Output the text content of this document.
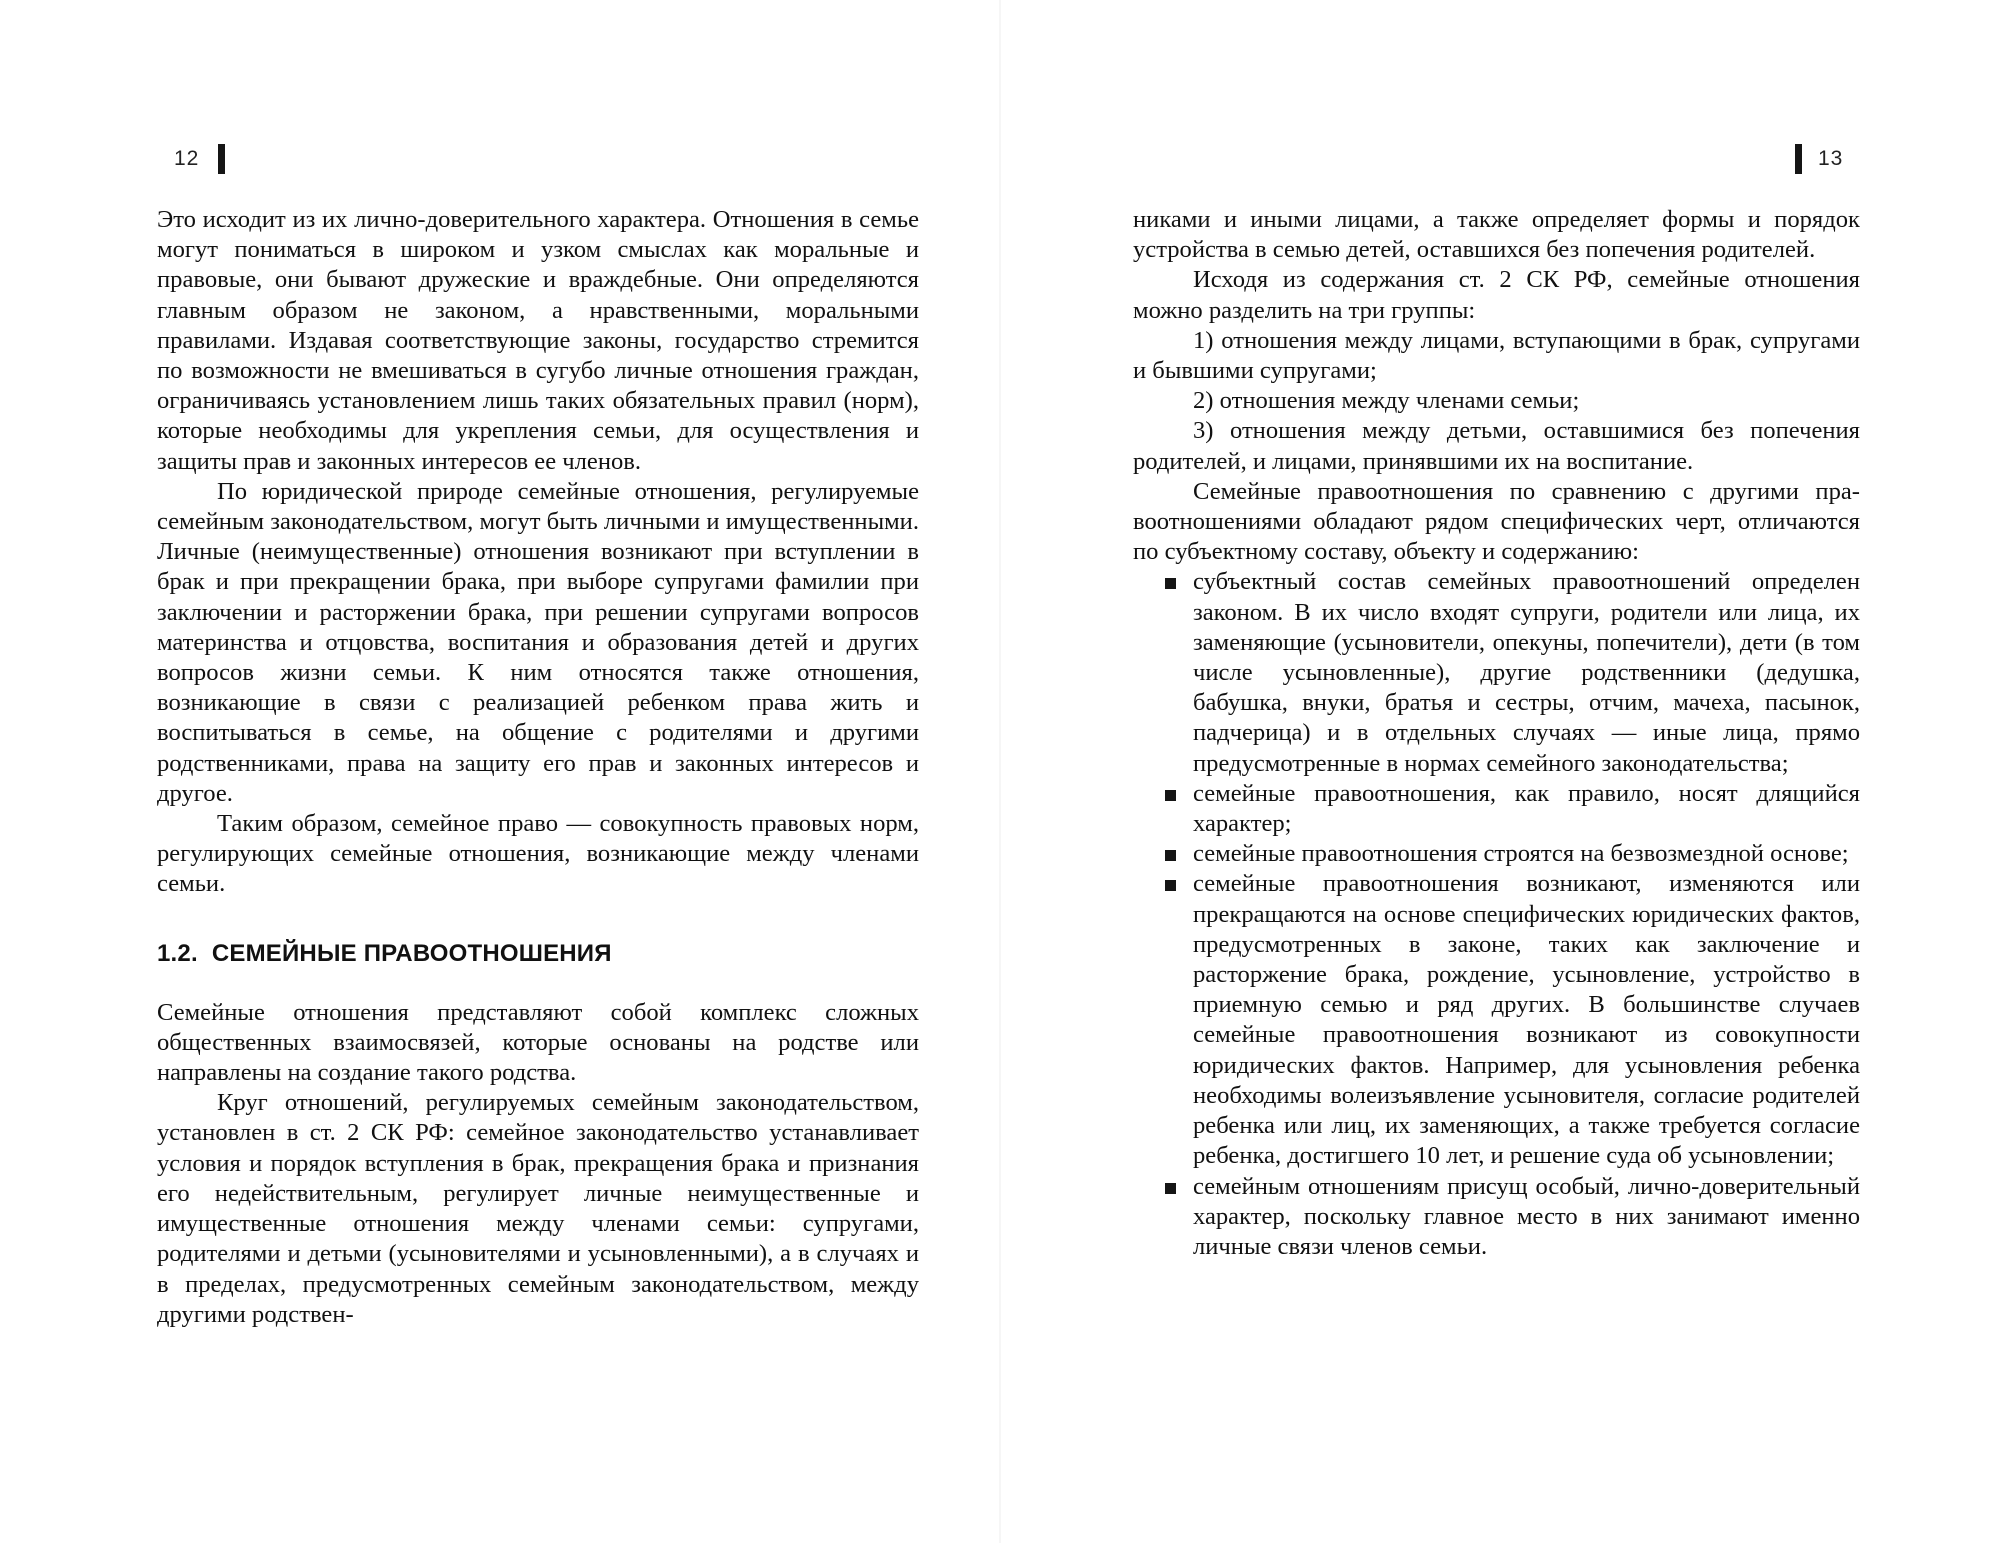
12

Это исходит из их лично-доверительного характера. Отношения в семье могут пониматься в широком и узком смыслах как моральные и правовые, они бывают дружеские и враждебные. Они определяются главным образом не законом, а нравственными, моральными правилами. Издавая соответствующие законы, государство стремится по возможности не вмешиваться в сугубо личные отношения граждан, ограничиваясь установлением лишь таких обязательных правил (норм), которые необходимы для укрепления семьи, для осуществления и защиты прав и законных интересов ее членов.

По юридической природе семейные отношения, регулируемые семейным законодательством, могут быть личными и имущественными. Личные (неимущественные) отношения возникают при вступлении в брак и при прекращении брака, при выборе супругами фамилии при заключении и расторжении брака, при решении супругами вопросов материнства и отцовства, воспитания и образования детей и других вопросов жизни семьи. К ним относятся также отношения, возникающие в связи с реализацией ребенком права жить и воспитываться в семье, на общение с родителями и другими родственниками, права на защиту его прав и законных интересов и другое.

Таким образом, семейное право — совокупность правовых норм, регулирующих семейные отношения, возникающие между членами семьи.

1.2. СЕМЕЙНЫЕ ПРАВООТНОШЕНИЯ

Семейные отношения представляют собой комплекс сложных общественных взаимосвязей, которые основаны на родстве или направлены на создание такого родства.

Круг отношений, регулируемых семейным законодательством, установлен в ст. 2 СК РФ: семейное законодательство устанавливает условия и порядок вступления в брак, прекращения брака и признания его недействительным, регулирует личные неимущественные и имущественные отношения между членами семьи: супругами, родителями и детьми (усыновителями и усыновленными), а в случаях и в пределах, предусмотренных семейным законодательством, между другими родствен-

13

никами и иными лицами, а также определяет формы и порядок устройства в семью детей, оставшихся без попечения родителей.

Исходя из содержания ст. 2 СК РФ, семейные отношения можно разделить на три группы:

1) отношения между лицами, вступающими в брак, супругами и бывшими супругами;

2) отношения между членами семьи;

3) отношения между детьми, оставшимися без попечения родителей, и лицами, принявшими их на воспитание.

Семейные правоотношения по сравнению с другими правоотношениями обладают рядом специфических черт, отличаются по субъектному составу, объекту и содержанию:

субъектный состав семейных правоотношений определен законом. В их число входят супруги, родители или лица, их заменяющие (усыновители, опекуны, попечители), дети (в том числе усыновленные), другие родственники (дедушка, бабушка, внуки, братья и сестры, отчим, мачеха, пасынок, падчерица) и в отдельных случаях — иные лица, прямо предусмотренные в нормах семейного законодательства;
семейные правоотношения, как правило, носят длящийся характер;
семейные правоотношения строятся на безвозмездной основе;
семейные правоотношения возникают, изменяются или прекращаются на основе специфических юридических фактов, предусмотренных в законе, таких как заключение и расторжение брака, рождение, усыновление, устройство в приемную семью и ряд других. В большинстве случаев семейные правоотношения возникают из совокупности юридических фактов. Например, для усыновления ребенка необходимы волеизъявление усыновителя, согласие родителей ребенка или лиц, их заменяющих, а также требуется согласие ребенка, достигшего 10 лет, и решение суда об усыновлении;
семейным отношениям присущ особый, лично-доверительный характер, поскольку главное место в них занимают именно личные связи членов семьи.
